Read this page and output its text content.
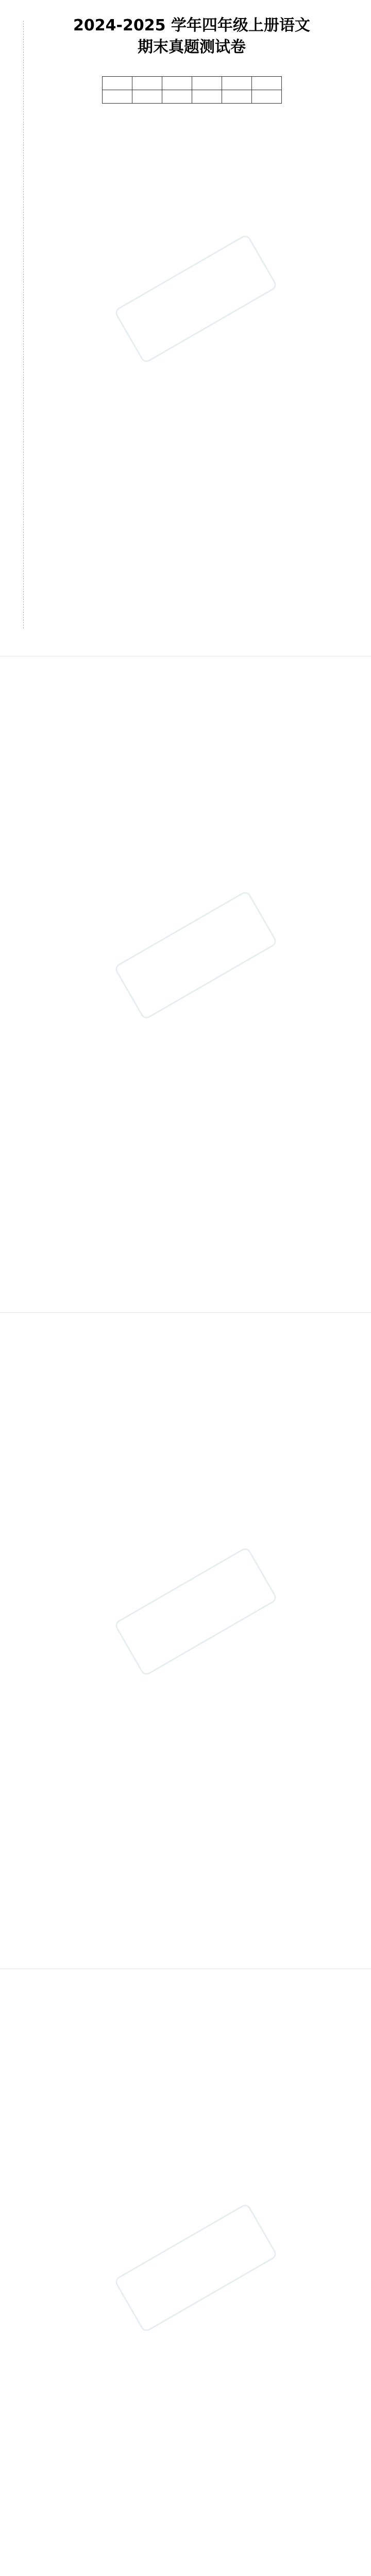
2024-2025 学年四年级上册语文
期末真题测试卷
